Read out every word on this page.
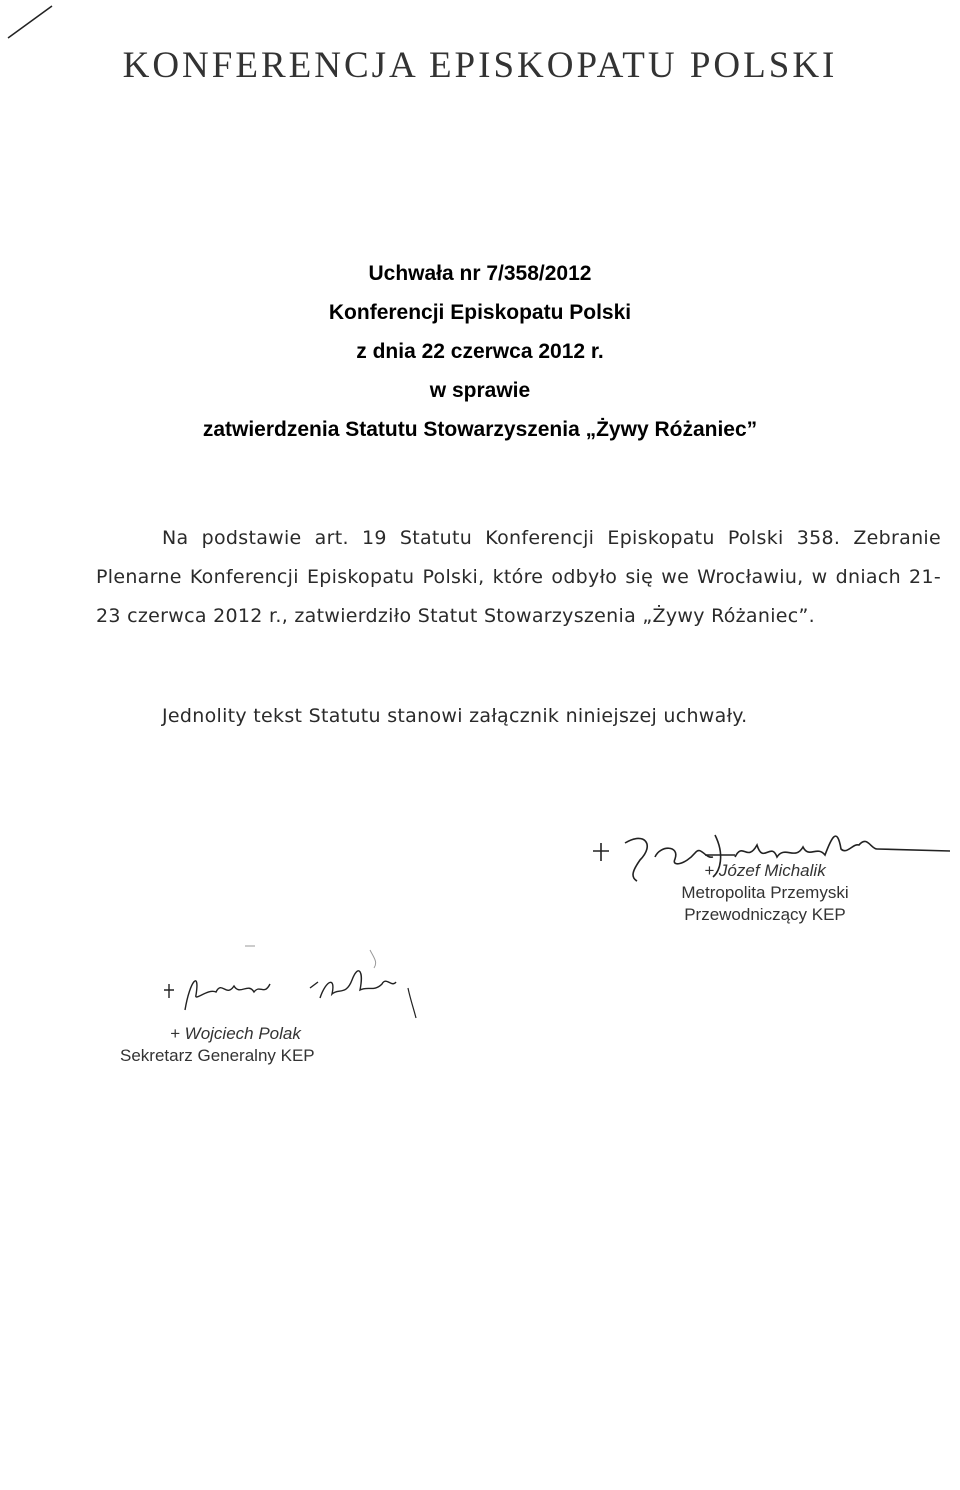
KONFERENCJA EPISKOPATU POLSKI
Uchwała nr 7/358/2012
Konferencji Episkopatu Polski
z dnia 22 czerwca 2012 r.
w sprawie
zatwierdzenia Statutu Stowarzyszenia „Żywy Różaniec”
Na podstawie art. 19 Statutu Konferencji Episkopatu Polski 358. Zebranie Plenarne Konferencji Episkopatu Polski, które odbyło się we Wrocławiu, w dniach 21-23 czerwca 2012 r., zatwierdziło Statut Stowarzyszenia „Żywy Różaniec”.
Jednolity tekst Statutu stanowi załącznik niniejszej uchwały.
+ Józef Michalik
Metropolita Przemyski
Przewodniczący KEP
+ Wojciech Polak
Sekretarz Generalny KEP
